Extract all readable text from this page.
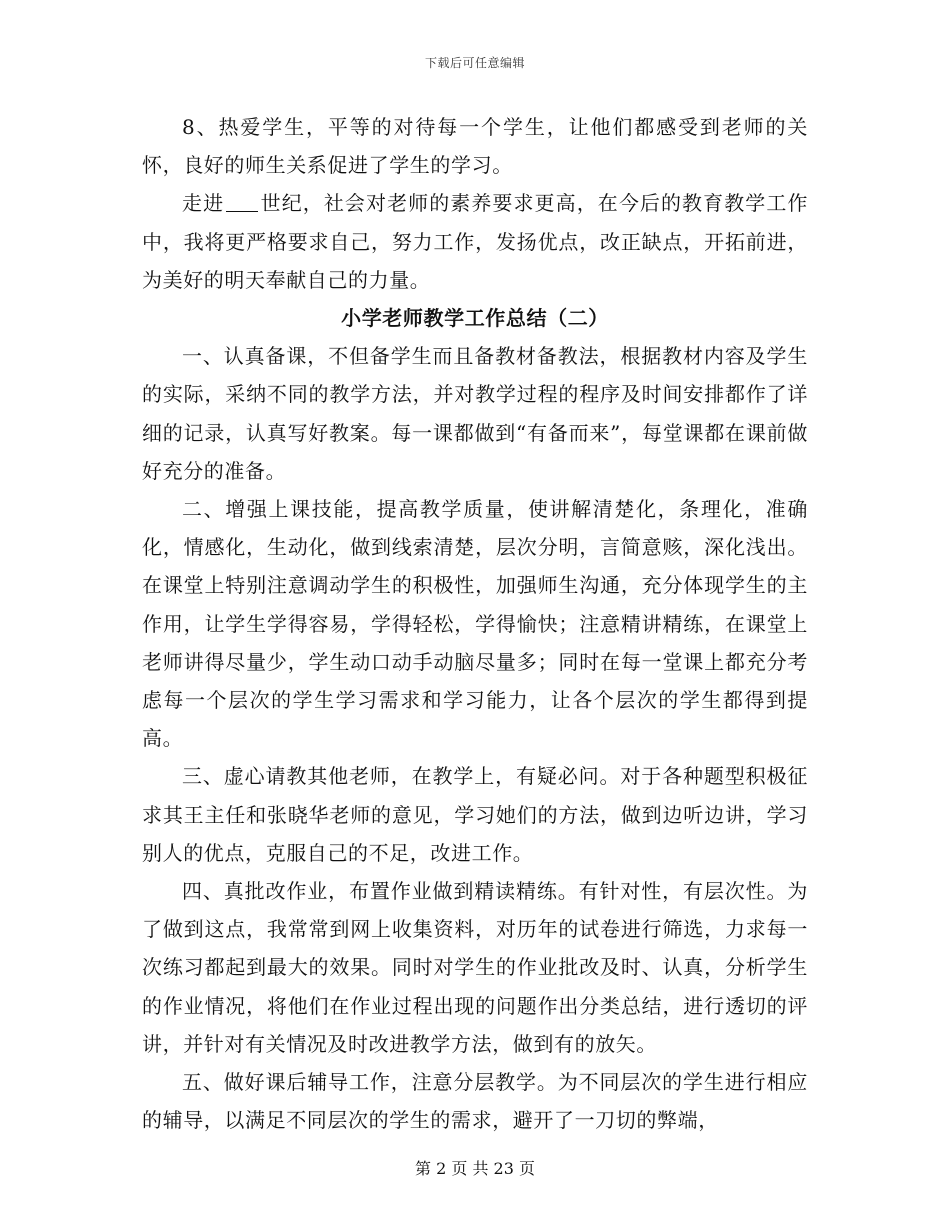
下载后可任意编辑

8、热爱学生，平等的对待每一个学生，让他们都感受到老师的关怀，良好的师生关系促进了学生的学习。

走进 世纪，社会对老师的素养要求更高，在今后的教育教学工作中，我将更严格要求自己，努力工作，发扬优点，改正缺点，开拓前进，为美好的明天奉献自己的力量。

小学老师教学工作总结（二）

一、认真备课，不但备学生而且备教材备教法，根据教材内容及学生的实际，采纳不同的教学方法，并对教学过程的程序及时间安排都作了详细的记录，认真写好教案。每一课都做到“有备而来”，每堂课都在课前做好充分的准备。

二、增强上课技能，提高教学质量，使讲解清楚化，条理化，准确化，情感化，生动化，做到线索清楚，层次分明，言简意赅，深化浅出。在课堂上特别注意调动学生的积极性，加强师生沟通，充分体现学生的主作用，让学生学得容易，学得轻松，学得愉快；注意精讲精练，在课堂上老师讲得尽量少，学生动口动手动脑尽量多；同时在每一堂课上都充分考虑每一个层次的学生学习需求和学习能力，让各个层次的学生都得到提高。

三、虚心请教其他老师，在教学上，有疑必问。对于各种题型积极征求其王主任和张晓华老师的意见，学习她们的方法，做到边听边讲，学习别人的优点，克服自己的不足，改进工作。

四、真批改作业，布置作业做到精读精练。有针对性，有层次性。为了做到这点，我常常到网上收集资料，对历年的试卷进行筛选，力求每一次练习都起到最大的效果。同时对学生的作业批改及时、认真，分析学生的作业情况，将他们在作业过程出现的问题作出分类总结，进行透切的评讲，并针对有关情况及时改进教学方法，做到有的放矢。

五、做好课后辅导工作，注意分层教学。为不同层次的学生进行相应的辅导，以满足不同层次的学生的需求，避开了一刀切的弊端，

第 2 页 共 23 页
